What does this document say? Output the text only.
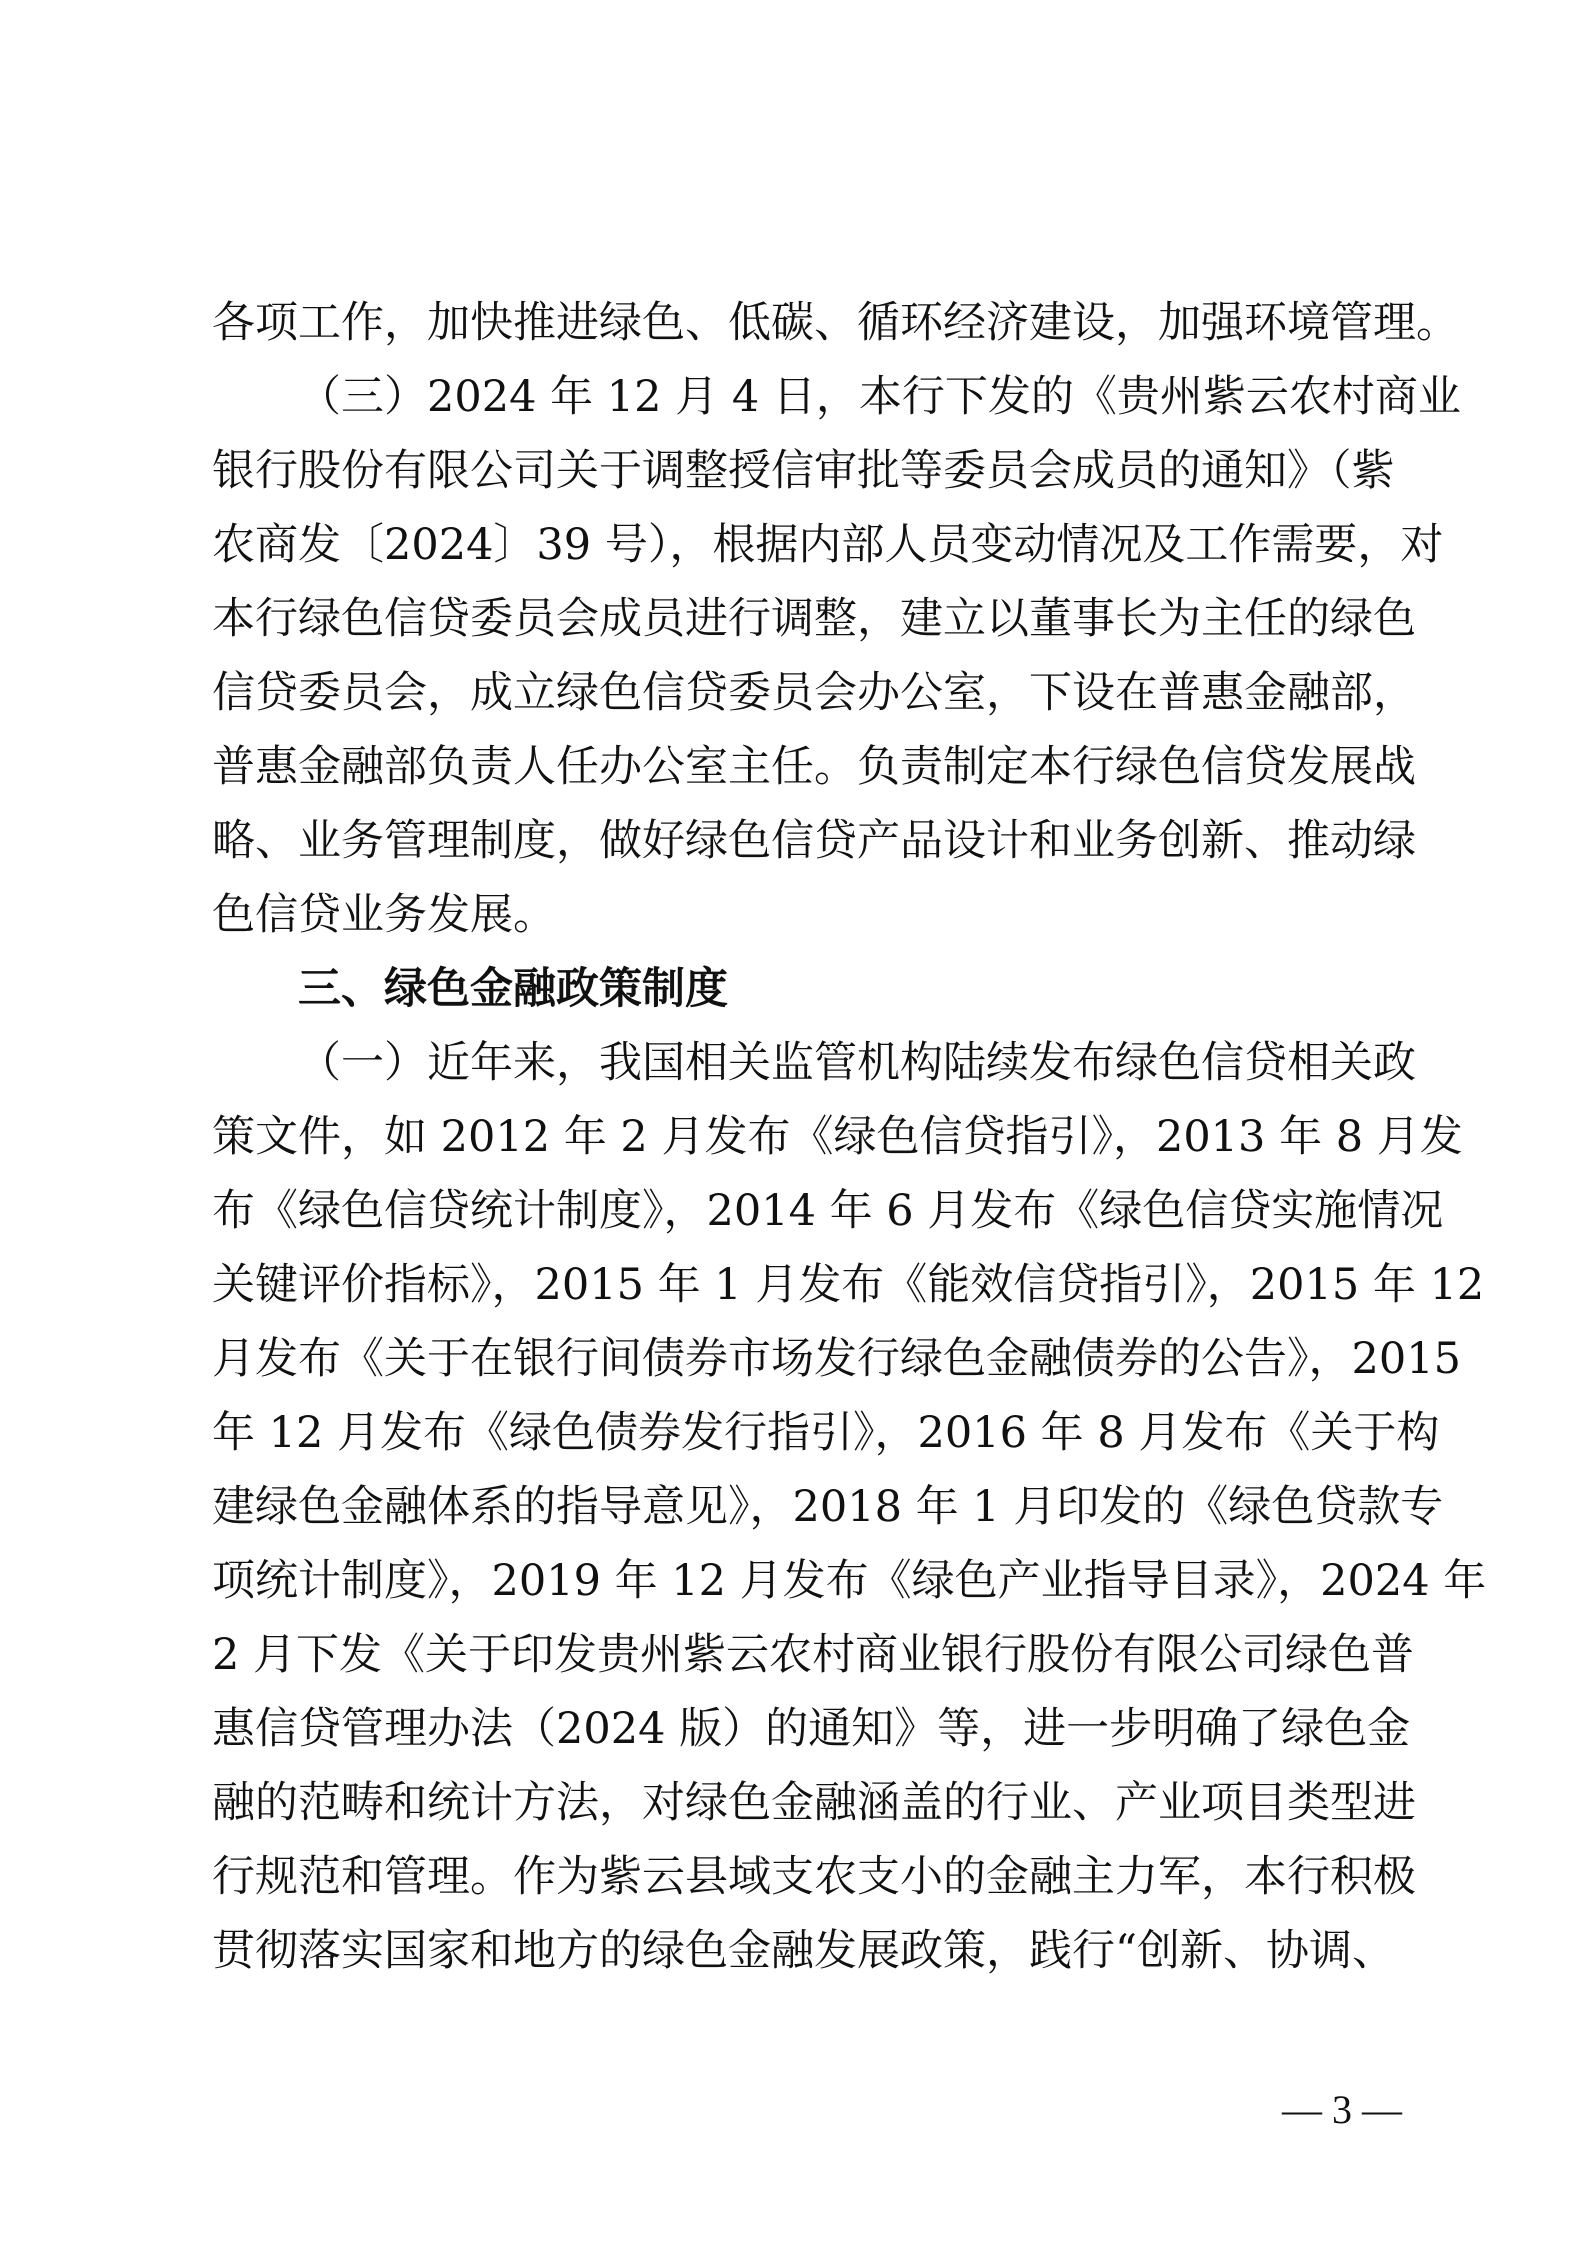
各项工作，加快推进绿色、低碳、循环经济建设，加强环境管理。
（三）2024 年 12 月 4 日，本行下发的《贵州紫云农村商业
银行股份有限公司关于调整授信审批等委员会成员的通知》（紫
农商发〔2024〕39 号），根据内部人员变动情况及工作需要，对
本行绿色信贷委员会成员进行调整，建立以董事长为主任的绿色
信贷委员会，成立绿色信贷委员会办公室，下设在普惠金融部，
普惠金融部负责人任办公室主任。负责制定本行绿色信贷发展战
略、业务管理制度，做好绿色信贷产品设计和业务创新、推动绿
色信贷业务发展。
三、绿色金融政策制度
（一）近年来，我国相关监管机构陆续发布绿色信贷相关政
策文件，如 2012 年 2 月发布《绿色信贷指引》，2013 年 8 月发
布《绿色信贷统计制度》，2014 年 6 月发布《绿色信贷实施情况
关键评价指标》，2015 年 1 月发布《能效信贷指引》，2015 年 12
月发布《关于在银行间债券市场发行绿色金融债券的公告》，2015
年 12 月发布《绿色债券发行指引》，2016 年 8 月发布《关于构
建绿色金融体系的指导意见》，2018 年 1 月印发的《绿色贷款专
项统计制度》，2019 年 12 月发布《绿色产业指导目录》，2024 年
2 月下发《关于印发贵州紫云农村商业银行股份有限公司绿色普
惠信贷管理办法（2024 版）的通知》等，进一步明确了绿色金
融的范畴和统计方法，对绿色金融涵盖的行业、产业项目类型进
行规范和管理。作为紫云县域支农支小的金融主力军，本行积极
贯彻落实国家和地方的绿色金融发展政策，践行“创新、协调、
— 3 —
